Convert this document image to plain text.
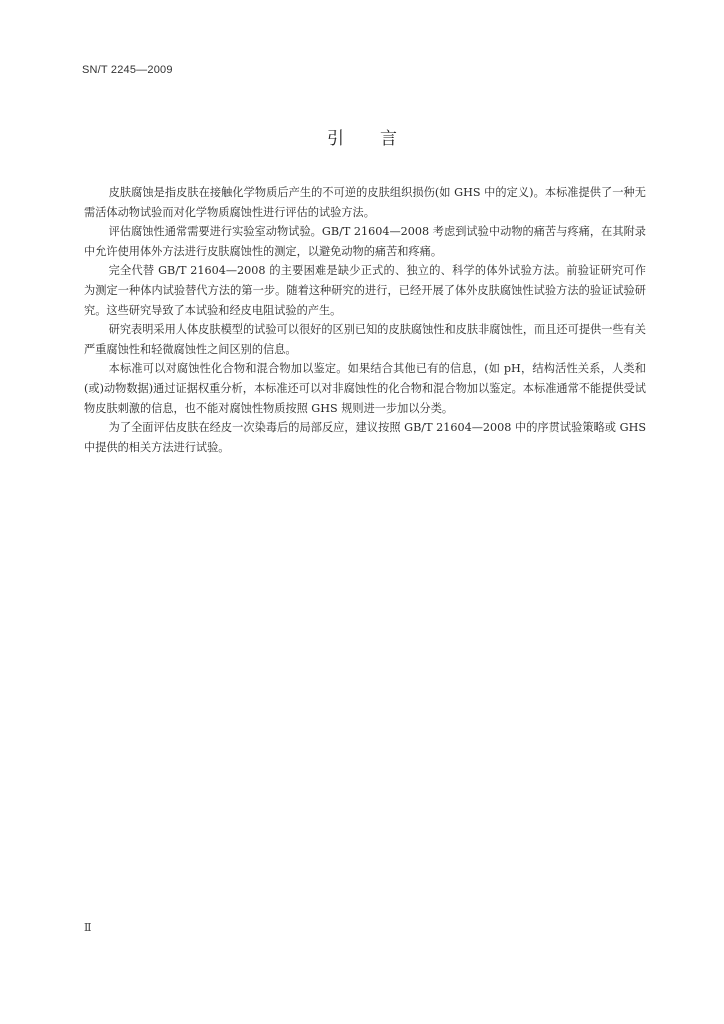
SN/T 2245—2009
引言

皮肤腐蚀是指皮肤在接触化学物质后产生的不可逆的皮肤组织损伤(如 GHS 中的定义)。本标准提供了一种无需活体动物试验而对化学物质腐蚀性进行评估的试验方法。

评估腐蚀性通常需要进行实验室动物试验。GB/T 21604—2008 考虑到试验中动物的痛苦与疼痛，在其附录中允许使用体外方法进行皮肤腐蚀性的测定，以避免动物的痛苦和疼痛。

完全代替 GB/T 21604—2008 的主要困难是缺少正式的、独立的、科学的体外试验方法。前验证研究可作为测定一种体内试验替代方法的第一步。随着这种研究的进行，已经开展了体外皮肤腐蚀性试验方法的验证试验研究。这些研究导致了本试验和经皮电阻试验的产生。

研究表明采用人体皮肤模型的试验可以很好的区别已知的皮肤腐蚀性和皮肤非腐蚀性，而且还可提供一些有关严重腐蚀性和轻微腐蚀性之间区别的信息。

本标准可以对腐蚀性化合物和混合物加以鉴定。如果结合其他已有的信息，(如 pH，结构活性关系，人类和(或)动物数据)通过证据权重分析，本标准还可以对非腐蚀性的化合物和混合物加以鉴定。本标准通常不能提供受试物皮肤刺激的信息，也不能对腐蚀性物质按照 GHS 规则进一步加以分类。

为了全面评估皮肤在经皮一次染毒后的局部反应，建议按照 GB/T 21604—2008 中的序贯试验策略或 GHS 中提供的相关方法进行试验。

Ⅱ
